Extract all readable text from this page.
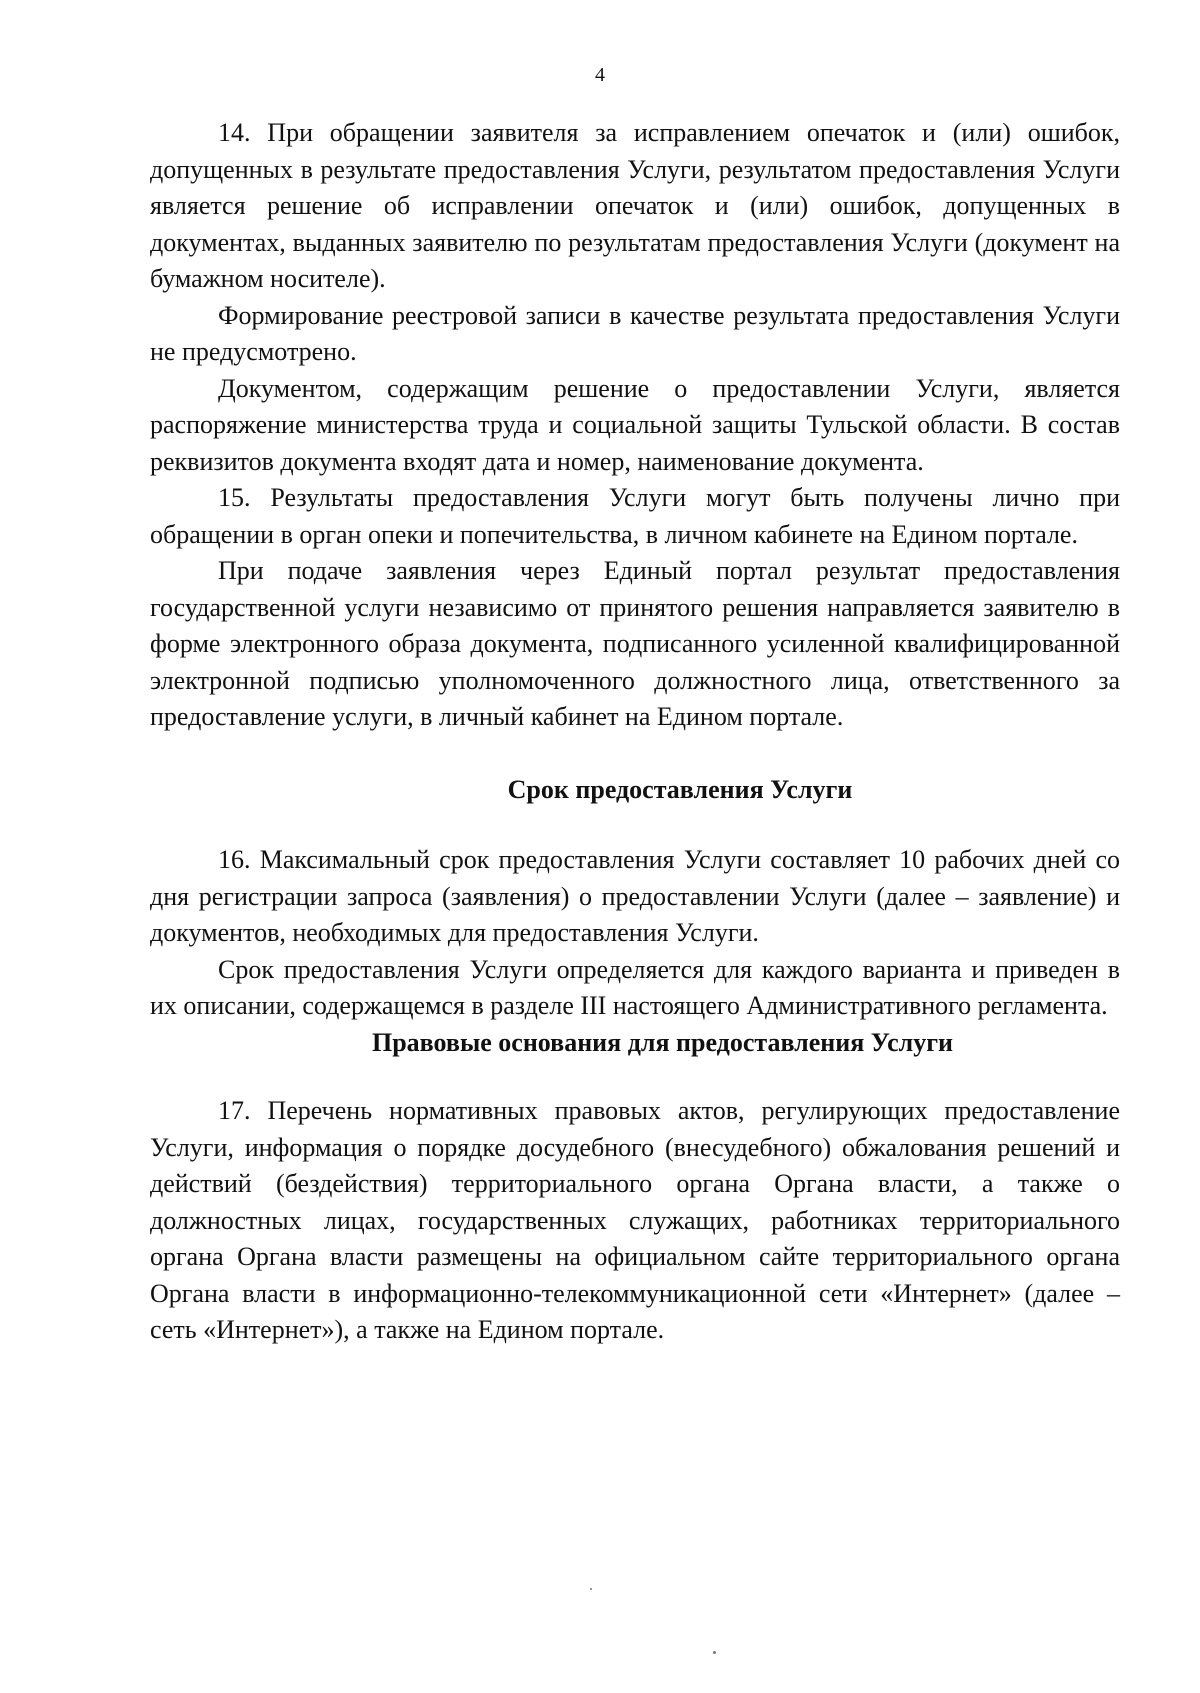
4

14. При обращении заявителя за исправлением опечаток и (или) ошибок, допущенных в результате предоставления Услуги, результатом предоставления Услуги является решение об исправлении опечаток и (или) ошибок, допущенных в документах, выданных заявителю по результатам предоставления Услуги (документ на бумажном носителе).

Формирование реестровой записи в качестве результата предоставления Услуги не предусмотрено.

Документом, содержащим решение о предоставлении Услуги, является распоряжение министерства труда и социальной защиты Тульской области. В состав реквизитов документа входят дата и номер, наименование документа.

15. Результаты предоставления Услуги могут быть получены лично при обращении в орган опеки и попечительства, в личном кабинете на Едином портале.

При подаче заявления через Единый портал результат предоставления государственной услуги независимо от принятого решения направляется заявителю в форме электронного образа документа, подписанного усиленной квалифицированной электронной подписью уполномоченного должностного лица, ответственного за предоставление услуги, в личный кабинет на Едином портале.

Срок предоставления Услуги

16. Максимальный срок предоставления Услуги составляет 10 рабочих дней со дня регистрации запроса (заявления) о предоставлении Услуги (далее – заявление) и документов, необходимых для предоставления Услуги.

Срок предоставления Услуги определяется для каждого варианта и приведен в их описании, содержащемся в разделе III настоящего Административного регламента.

Правовые основания для предоставления Услуги

17. Перечень нормативных правовых актов, регулирующих предоставление Услуги, информация о порядке досудебного (внесудебного) обжалования решений и действий (бездействия) территориального органа Органа власти, а также о должностных лицах, государственных служащих, работниках территориального органа Органа власти размещены на официальном сайте территориального органа Органа власти в информационно-телекоммуникационной сети «Интернет» (далее – сеть «Интернет»), а также на Едином портале.
